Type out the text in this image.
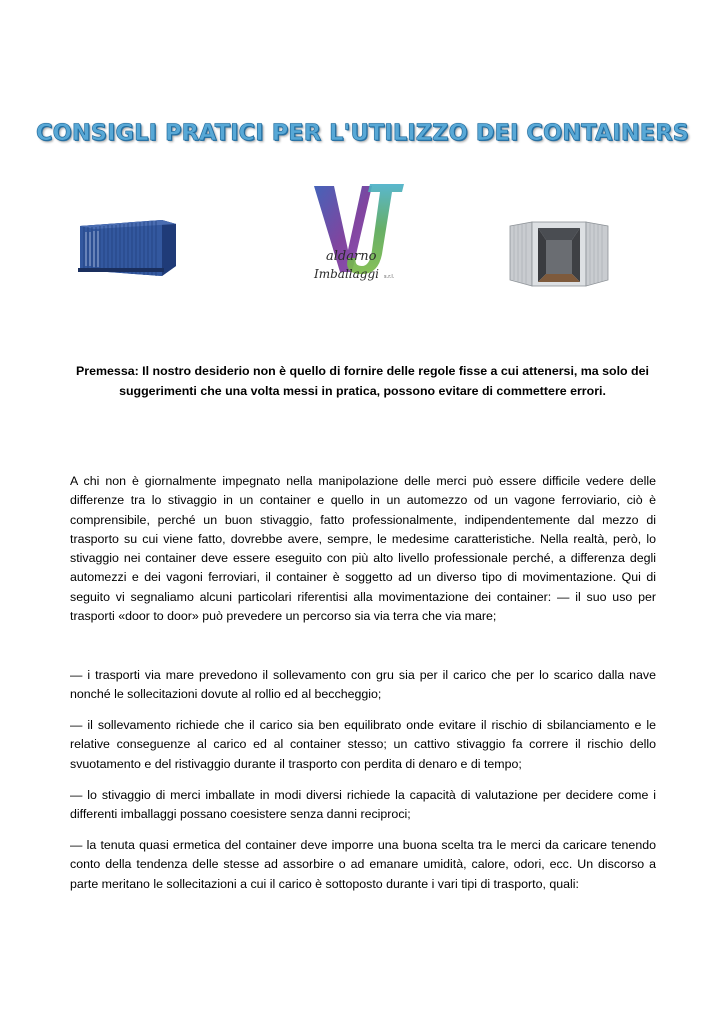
CONSIGLI PRATICI PER L'UTILIZZO DEI CONTAINERS
aldarno
Imballaggi s.r.l.
Premessa: Il nostro desiderio non è quello di fornire delle regole fisse a cui attenersi, ma solo dei suggerimenti che una volta messi in pratica, possono evitare di commettere errori.

A chi non è giornalmente impegnato nella manipolazione delle merci può essere difficile vedere delle differenze tra lo stivaggio in un container e quello in un automezzo od un vagone ferroviario, ciò è comprensibile, perché un buon stivaggio, fatto professionalmente, indipendentemente dal mezzo di trasporto su cui viene fatto, dovrebbe avere, sempre, le medesime caratteristiche. Nella realtà, però, lo stivaggio nei container deve essere eseguito con più alto livello professionale perché, a differenza degli automezzi e dei vagoni ferroviari, il container è soggetto ad un diverso tipo di movimentazione. Qui di seguito vi segnaliamo alcuni particolari riferentisi alla movimentazione dei container: — il suo uso per trasporti «door to door» può prevedere un percorso sia via terra che via mare;

— i trasporti via mare prevedono il sollevamento con gru sia per il carico che per lo scarico dalla nave nonché le sollecitazioni dovute al rollio ed al beccheggio;

— il sollevamento richiede che il carico sia ben equilibrato onde evitare il rischio di sbilanciamento e le relative conseguenze al carico ed al container stesso; un cattivo stivaggio fa correre il rischio dello svuotamento e del ristivaggio durante il trasporto con perdita di denaro e di tempo;

— lo stivaggio di merci imballate in modi diversi richiede la capacità di valutazione per decidere come i differenti imballaggi possano coesistere senza danni reciproci;

— la tenuta quasi ermetica del container deve imporre una buona scelta tra le merci da caricare tenendo conto della tendenza delle stesse ad assorbire o ad emanare umidità, calore, odori, ecc. Un discorso a parte meritano le sollecitazioni a cui il carico è sottoposto durante i vari tipi di trasporto, quali:
